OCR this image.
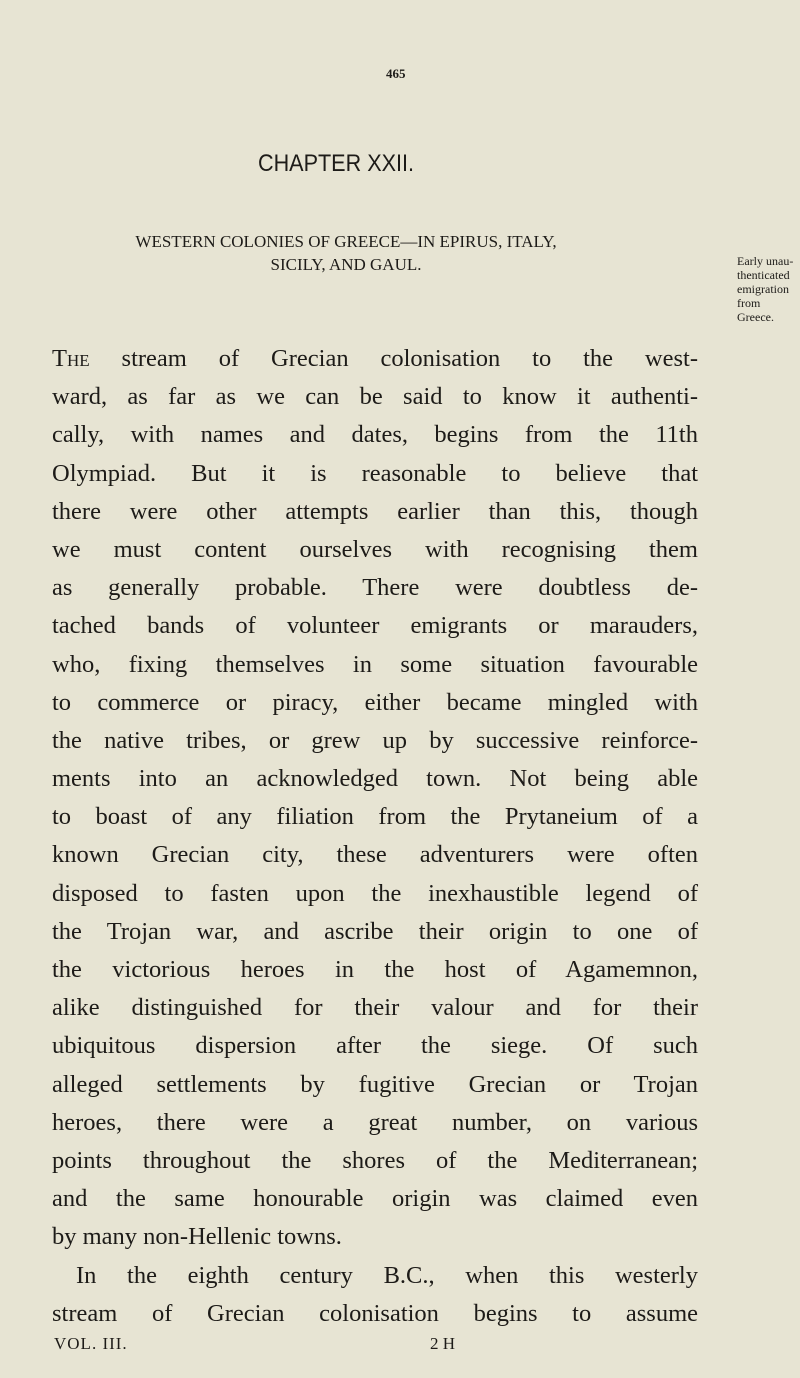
465
CHAPTER XXII.
WESTERN COLONIES OF GREECE—IN EPIRUS, ITALY,
SICILY, AND GAUL.
The stream of Grecian colonisation to the west-
ward, as far as we can be said to know it authenti-
cally, with names and dates, begins from the 11th
Olympiad. But it is reasonable to believe that
there were other attempts earlier than this, though
we must content ourselves with recognising them
as generally probable. There were doubtless de-
tached bands of volunteer emigrants or marauders,
who, fixing themselves in some situation favourable
to commerce or piracy, either became mingled with
the native tribes, or grew up by successive reinforce-
ments into an acknowledged town. Not being able
to boast of any filiation from the Prytaneium of a
known Grecian city, these adventurers were often
disposed to fasten upon the inexhaustible legend of
the Trojan war, and ascribe their origin to one of
the victorious heroes in the host of Agamemnon,
alike distinguished for their valour and for their
ubiquitous dispersion after the siege. Of such
alleged settlements by fugitive Grecian or Trojan
heroes, there were a great number, on various
points throughout the shores of the Mediterranean;
and the same honourable origin was claimed even
by many non-Hellenic towns.
In the eighth century B.C., when this westerly
stream of Grecian colonisation begins to assume
Early unau-
thenticated
emigration
from
Greece.
VOL. III.	2 H
